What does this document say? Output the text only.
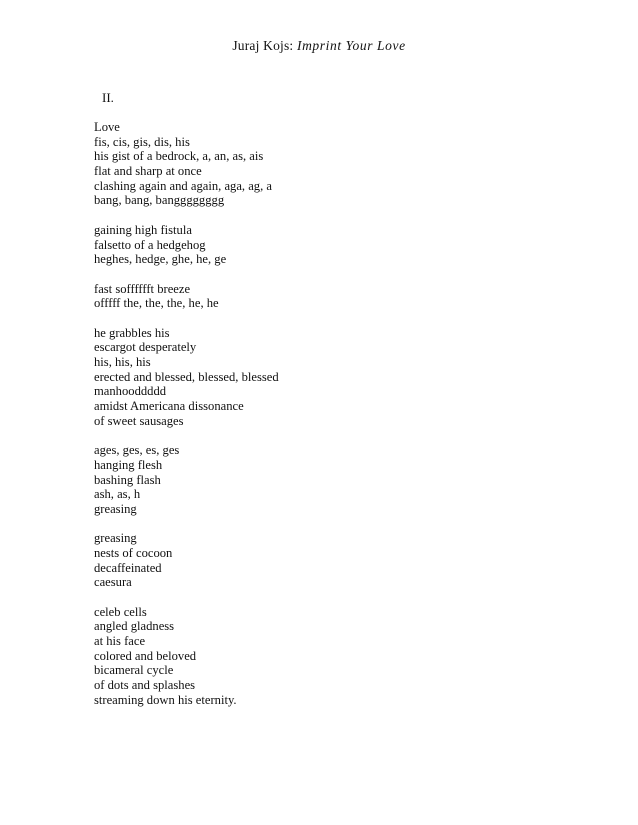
Juraj Kojs: Imprint Your Love
II.
Love
fis, cis, gis, dis, his
his gist of a bedrock, a, an, as, ais
flat and sharp at once
clashing again and again, aga, ag, a
bang, bang, bangggggggg
gaining high fistula
falsetto of a hedgehog
heghes, hedge, ghe, he, ge
fast sofffffft breeze
offfff the, the, the, he, he
he grabbles his
escargot desperately
his, his, his
erected and blessed, blessed, blessed
manhooddddd
amidst Americana dissonance
of sweet sausages
ages, ges, es, ges
hanging flesh
bashing flash
ash, as, h
greasing
greasing
nests of cocoon
decaffeinated
caesura
celeb cells
angled gladness
at his face
colored and beloved
bicameral cycle
of dots and splashes
streaming down his eternity.
